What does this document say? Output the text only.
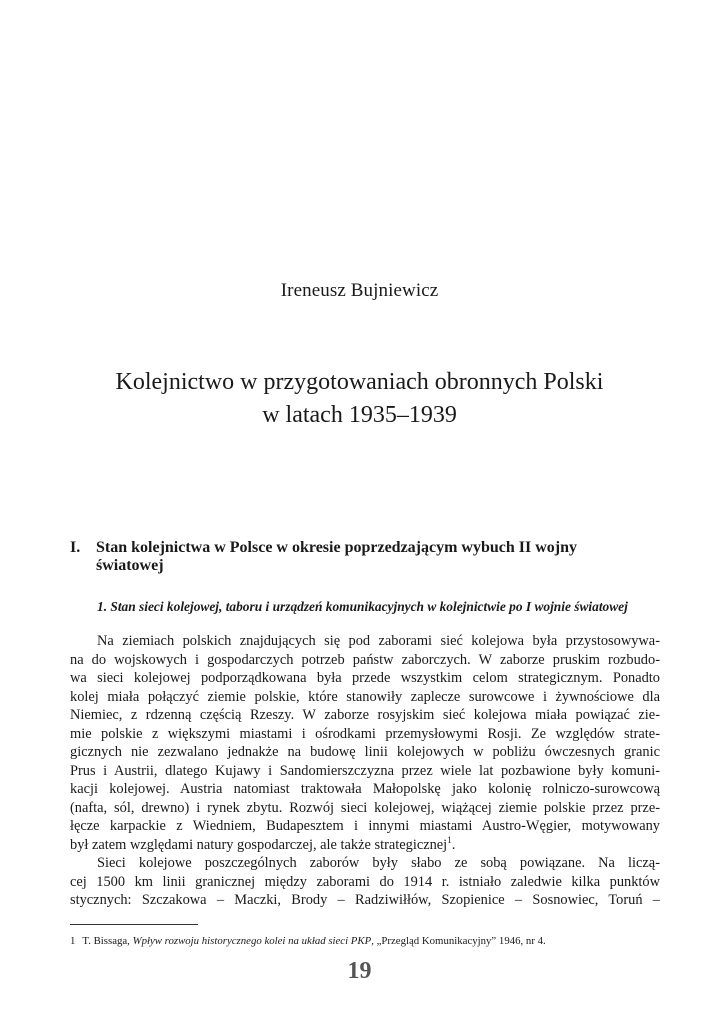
Ireneusz Bujniewicz
Kolejnictwo w przygotowaniach obronnych Polski
w latach 1935–1939
I. Stan kolejnictwa w Polsce w okresie poprzedzającym wybuch II wojny
światowej
1. Stan sieci kolejowej, taboru i urządzeń komunikacyjnych w kolejnictwie po I wojnie światowej
Na ziemiach polskich znajdujących się pod zaborami sieć kolejowa była przystosowywa-
na do wojskowych i gospodarczych potrzeb państw zaborczych. W zaborze pruskim rozbudo-
wa sieci kolejowej podporządkowana była przede wszystkim celom strategicznym. Ponadto
kolej miała połączyć ziemie polskie, które stanowiły zaplecze surowcowe i żywnościowe dla
Niemiec, z rdzenną częścią Rzeszy. W zaborze rosyjskim sieć kolejowa miała powiązać zie-
mie polskie z większymi miastami i ośrodkami przemysłowymi Rosji. Ze względów strate-
gicznych nie zezwalano jednakże na budowę linii kolejowych w pobliżu ówczesnych granic
Prus i Austrii, dlatego Kujawy i Sandomierszczyzna przez wiele lat pozbawione były komuni-
kacji kolejowej. Austria natomiast traktowała Małopolskę jako kolonię rolniczo-surowcową
(nafta, sól, drewno) i rynek zbytu. Rozwój sieci kolejowej, wiążącej ziemie polskie przez prze-
łęcze karpackie z Wiedniem, Budapesztem i innymi miastami Austro-Węgier, motywowany
był zatem względami natury gospodarczej, ale także strategicznej$^1$.
Sieci kolejowe poszczególnych zaborów były słabo ze sobą powiązane. Na liczą-
cej 1500 km linii granicznej między zaborami do 1914 r. istniało zaledwie kilka punktów
stycznych: Szczakowa – Maczki, Brody – Radziwiłłów, Szopienice – Sosnowiec, Toruń –
1 T. Bissaga, Wpływ rozwoju historycznego kolei na układ sieci PKP, „Przegląd Komunikacyjny” 1946, nr 4.
19
